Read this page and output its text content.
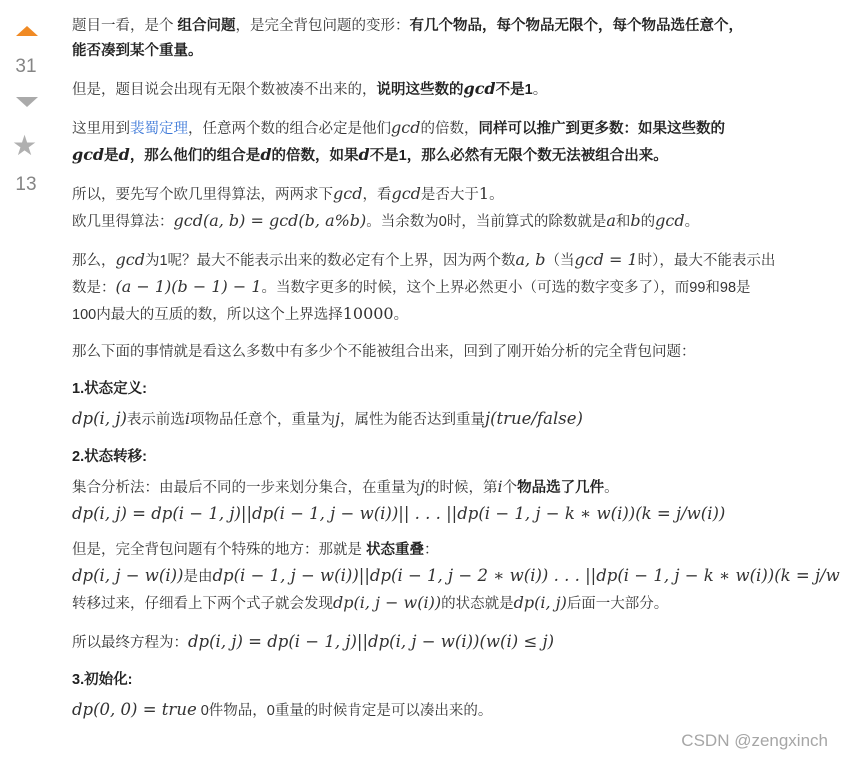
31
★
13

题目一看，是个 组合问题，是完全背包问题的变形：有几个物品，每个物品无限个，每个物品选任意个，
能否凑到某个重量。

但是，题目说会出现有无限个数被凑不出来的，说明这些数的gcd不是1。

这里用到裴蜀定理，任意两个数的组合必定是他们gcd的倍数，同样可以推广到更多数：如果这些数的
gcd是d，那么他们的组合是d的倍数，如果d不是1，那么必然有无限个数无法被组合出来。

所以，要先写个欧几里得算法，两两求下gcd，看gcd是否大于1。
欧几里得算法：gcd(a, b) = gcd(b, a%b)。当余数为0时，当前算式的除数就是a和b的gcd。

那么，gcd为1呢？最大不能表示出来的数必定有个上界，因为两个数a, b（当gcd = 1时），最大不能表示出
数是：(a − 1)(b − 1) − 1。当数字更多的时候，这个上界必然更小（可选的数字变多了），而99和98是
100内最大的互质的数，所以这个上界选择10000。

那么下面的事情就是看这么多数中有多少个不能被组合出来，回到了刚开始分析的完全背包问题：

1.状态定义:

dp(i, j)表示前选i项物品任意个，重量为j，属性为能否达到重量j(true/false)

2.状态转移:

集合分析法：由最后不同的一步来划分集合，在重量为j的时候，第i个物品选了几件。
dp(i, j) = dp(i − 1, j)||dp(i − 1, j − w(i))|| . . . ||dp(i − 1, j − k ∗ w(i))(k = j/w(i))

但是，完全背包问题有个特殊的地方：那就是 状态重叠：
dp(i, j − w(i))是由dp(i − 1, j − w(i))||dp(i − 1, j − 2 ∗ w(i)) . . . ||dp(i − 1, j − k ∗ w(i))(k = j/w
转移过来，仔细看上下两个式子就会发现dp(i, j − w(i))的状态就是dp(i, j)后面一大部分。

所以最终方程为：dp(i, j) = dp(i − 1, j)||dp(i, j − w(i))(w(i) ≤ j)

3.初始化:

dp(0, 0) = true 0件物品，0重量的时候肯定是可以凑出来的。

CSDN @zengxinch
